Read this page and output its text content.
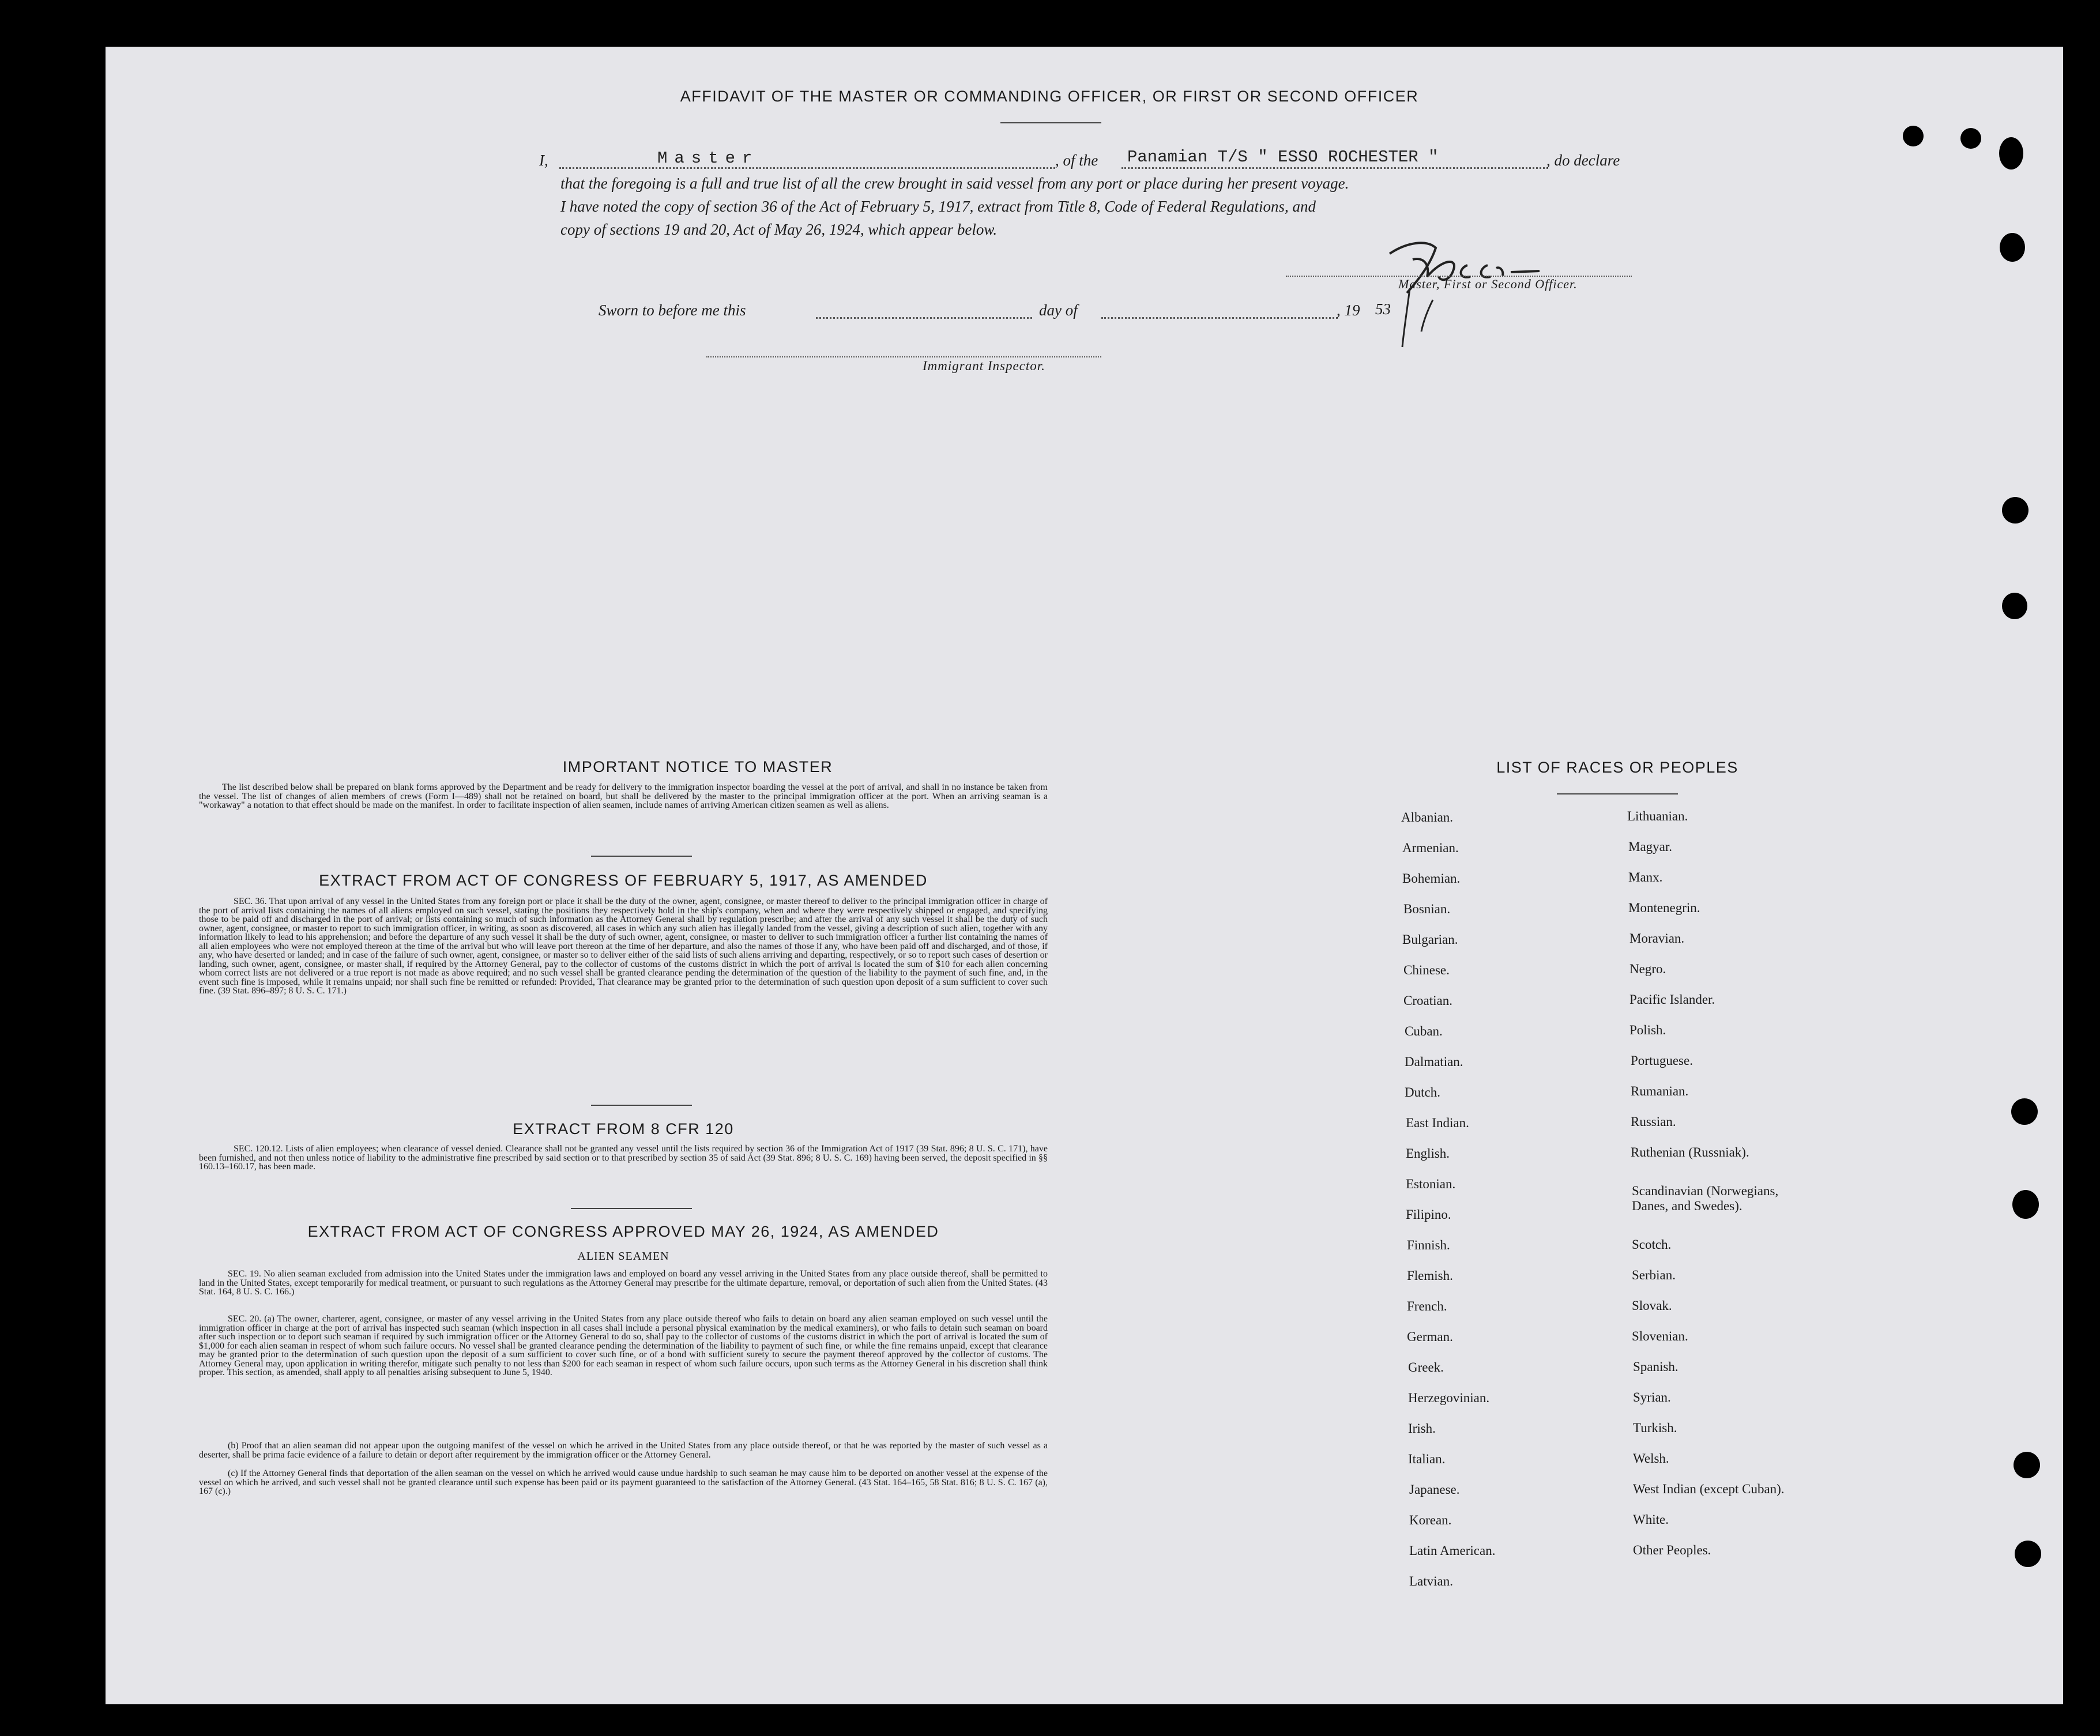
AFFIDAVIT OF THE MASTER OR COMMANDING OFFICER, OR FIRST OR SECOND OFFICER
I,	Master	, of the Panamian T/S " ESSO ROCHESTER "	, do declare
that the foregoing is a full and true list of all the crew brought in said vessel from any port or place during her present voyage.
I have noted the copy of section 36 of the Act of February 5, 1917, extract from Title 8, Code of Federal Regulations, and
copy of sections 19 and 20, Act of May 26, 1924, which appear below.
Master, First or Second Officer.
Sworn to before me this	day of	, 19 53
Immigrant Inspector.
IMPORTANT NOTICE TO MASTER
The list described below shall be prepared on blank forms approved by the Department and be ready for delivery to the immigration inspector boarding the vessel at the port of arrival, and shall in no instance be taken from the vessel. The list of changes of alien members of crews (Form I—489) shall not be retained on board, but shall be delivered by the master to the principal immigration officer at the port. When an arriving seaman is a "workaway" a notation to that effect should be made on the manifest. In order to facilitate inspection of alien seamen, include names of arriving American citizen seamen as well as aliens.
EXTRACT FROM ACT OF CONGRESS OF FEBRUARY 5, 1917, AS AMENDED
SEC. 36. That upon arrival of any vessel in the United States from any foreign port or place it shall be the duty of the owner, agent, consignee, or master thereof to deliver to the principal immigration officer in charge of the port of arrival lists containing the names of all aliens employed on such vessel, stating the positions they respectively hold in the ship's company, when and where they were respectively shipped or engaged, and specifying those to be paid off and discharged in the port of arrival; or lists containing so much of such information as the Attorney General shall by regulation prescribe; and after the arrival of any such vessel it shall be the duty of such owner, agent, consignee, or master to report to such immigration officer, in writing, as soon as discovered, all cases in which any such alien has illegally landed from the vessel, giving a description of such alien, together with any information likely to lead to his apprehension; and before the departure of any such vessel it shall be the duty of such owner, agent, consignee, or master to deliver to such immigration officer a further list containing the names of all alien employees who were not employed thereon at the time of the arrival but who will leave port thereon at the time of her departure, and also the names of those if any, who have been paid off and discharged, and of those, if any, who have deserted or landed; and in case of the failure of such owner, agent, consignee, or master so to deliver either of the said lists of such aliens arriving and departing, respectively, or so to report such cases of desertion or landing, such owner, agent, consignee, or master shall, if required by the Attorney General, pay to the collector of customs of the customs district in which the port of arrival is located the sum of $10 for each alien concerning whom correct lists are not delivered or a true report is not made as above required; and no such vessel shall be granted clearance pending the determination of the question of the liability to the payment of such fine, and, in the event such fine is imposed, while it remains unpaid; nor shall such fine be remitted or refunded: Provided, That clearance may be granted prior to the determination of such question upon deposit of a sum sufficient to cover such fine. (39 Stat. 896–897; 8 U. S. C. 171.)
EXTRACT FROM 8 CFR 120
SEC. 120.12. Lists of alien employees; when clearance of vessel denied. Clearance shall not be granted any vessel until the lists required by section 36 of the Immigration Act of 1917 (39 Stat. 896; 8 U. S. C. 171), have been furnished, and not then unless notice of liability to the administrative fine prescribed by said section or to that prescribed by section 35 of said Act (39 Stat. 896; 8 U. S. C. 169) having been served, the deposit specified in §§ 160.13–160.17, has been made.
EXTRACT FROM ACT OF CONGRESS APPROVED MAY 26, 1924, AS AMENDED
ALIEN SEAMEN
SEC. 19. No alien seaman excluded from admission into the United States under the immigration laws and employed on board any vessel arriving in the United States from any place outside thereof, shall be permitted to land in the United States, except temporarily for medical treatment, or pursuant to such regulations as the Attorney General may prescribe for the ultimate departure, removal, or deportation of such alien from the United States. (43 Stat. 164, 8 U. S. C. 166.)
SEC. 20. (a) The owner, charterer, agent, consignee, or master of any vessel arriving in the United States from any place outside thereof who fails to detain on board any alien seaman employed on such vessel until the immigration officer in charge at the port of arrival has inspected such seaman (which inspection in all cases shall include a personal physical examination by the medical examiners), or who fails to detain such seaman on board after such inspection or to deport such seaman if required by such immigration officer or the Attorney General to do so, shall pay to the collector of customs of the customs district in which the port of arrival is located the sum of $1,000 for each alien seaman in respect of whom such failure occurs. No vessel shall be granted clearance pending the determination of the liability to payment of such fine, or while the fine remains unpaid, except that clearance may be granted prior to the determination of such question upon the deposit of a sum sufficient to cover such fine, or of a bond with sufficient surety to secure the payment thereof approved by the collector of customs. The Attorney General may, upon application in writing therefor, mitigate such penalty to not less than $200 for each seaman in respect of whom such failure occurs, upon such terms as the Attorney General in his discretion shall think proper. This section, as amended, shall apply to all penalties arising subsequent to June 5, 1940.
(b) Proof that an alien seaman did not appear upon the outgoing manifest of the vessel on which he arrived in the United States from any place outside thereof, or that he was reported by the master of such vessel as a deserter, shall be prima facie evidence of a failure to detain or deport after requirement by the immigration officer or the Attorney General.
(c) If the Attorney General finds that deportation of the alien seaman on the vessel on which he arrived would cause undue hardship to such seaman he may cause him to be deported on another vessel at the expense of the vessel on which he arrived, and such vessel shall not be granted clearance until such expense has been paid or its payment guaranteed to the satisfaction of the Attorney General. (43 Stat. 164–165, 58 Stat. 816; 8 U. S. C. 167 (a), 167 (c).)
LIST OF RACES OR PEOPLES
Albanian.
Armenian.
Bohemian.
Bosnian.
Bulgarian.
Chinese.
Croatian.
Cuban.
Dalmatian.
Dutch.
East Indian.
English.
Estonian.
Filipino.
Finnish.
Flemish.
French.
German.
Greek.
Herzegovinian.
Irish.
Italian.
Japanese.
Korean.
Latin American.
Latvian.
Lithuanian.
Magyar.
Manx.
Montenegrin.
Moravian.
Negro.
Pacific Islander.
Polish.
Portuguese.
Rumanian.
Russian.
Ruthenian (Russniak).
Scandinavian (Norwegians,
Danes, and Swedes).
Scotch.
Serbian.
Slovak.
Slovenian.
Spanish.
Syrian.
Turkish.
Welsh.
West Indian (except Cuban).
White.
Other Peoples.
